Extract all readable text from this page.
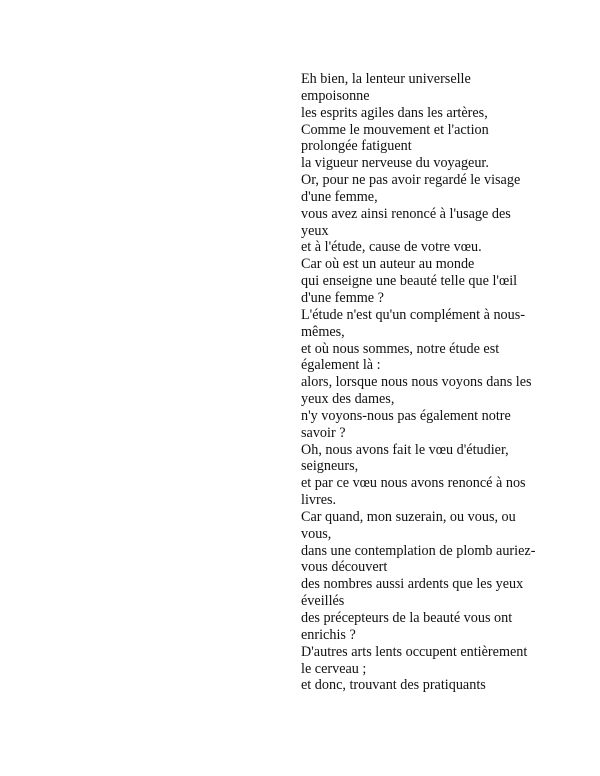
Eh bien, la lenteur universelle empoisonne
les esprits agiles dans les artères,
Comme le mouvement et l'action prolongée fatiguent
la vigueur nerveuse du voyageur.
Or, pour ne pas avoir regardé le visage d'une femme,
vous avez ainsi renoncé à l'usage des yeux
et à l'étude, cause de votre vœu.
Car où est un auteur au monde
qui enseigne une beauté telle que l'œil d'une femme ?
L'étude n'est qu'un complément à nous-mêmes,
et où nous sommes, notre étude est également là :
alors, lorsque nous nous voyons dans les yeux des dames,
n'y voyons-nous pas également notre savoir ?
Oh, nous avons fait le vœu d'étudier, seigneurs,
et par ce vœu nous avons renoncé à nos livres.
Car quand, mon suzerain, ou vous, ou vous,
dans une contemplation de plomb auriez-vous découvert
des nombres aussi ardents que les yeux éveillés
des précepteurs de la beauté vous ont enrichis ?
D'autres arts lents occupent entièrement le cerveau ;
et donc, trouvant des pratiquants
